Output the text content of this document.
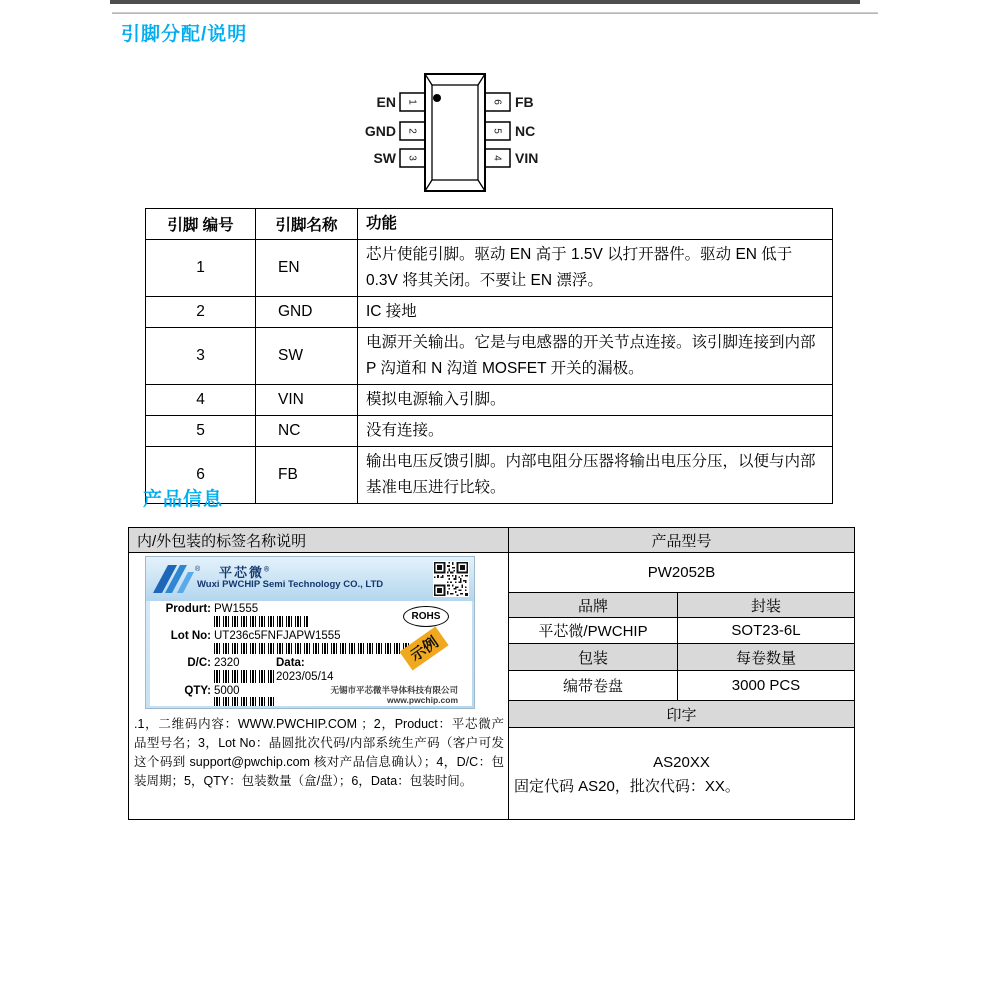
引脚分配/说明
1
2
3
6
5
4
EN
GND
SW
FB
NC
VIN
引脚 编号	引脚名称	功能
1	EN	芯片使能引脚。驱动 EN 高于 1.5V 以打开器件。驱动 EN 低于 0.3V 将其关闭。不要让 EN 漂浮。
2	GND	IC 接地
3	SW	电源开关输出。它是与电感器的开关节点连接。该引脚连接到内部 P 沟道和 N 沟道 MOSFET 开关的漏极。
4	VIN	模拟电源输入引脚。
5	NC	没有连接。
6	FB	输出电压反馈引脚。内部电阻分压器将输出电压分压，以便与内部基准电压进行比较。
产品信息
内/外包装的标签名称说明
® 平芯微®
Wuxi PWCHIP Semi Technology CO., LTD
Produrt: PW1555
Lot No: UT236c5FNFJAPW1555
D/C: 2320	Data:
2023/05/14
QTY: 5000
ROHS
示例
无锡市平芯微半导体科技有限公司
www.pwchip.com
.1，二维码内容：WWW.PWCHIP.COM ；2，Product：平芯微产品型号名；3，Lot No：晶圆批次代码/内部系统生产码（客户可发这个码到 support@pwchip.com 核对产品信息确认）；4，D/C：包装周期；5，QTY：包装数量（盒/盘）；6，Data：包装时间。
产品型号
PW2052B
品牌	封装
平芯微/PWCHIP	SOT23-6L
包装	每卷数量
编带卷盘	3000 PCS
印字
AS20XX
固定代码 AS20，批次代码：XX。
